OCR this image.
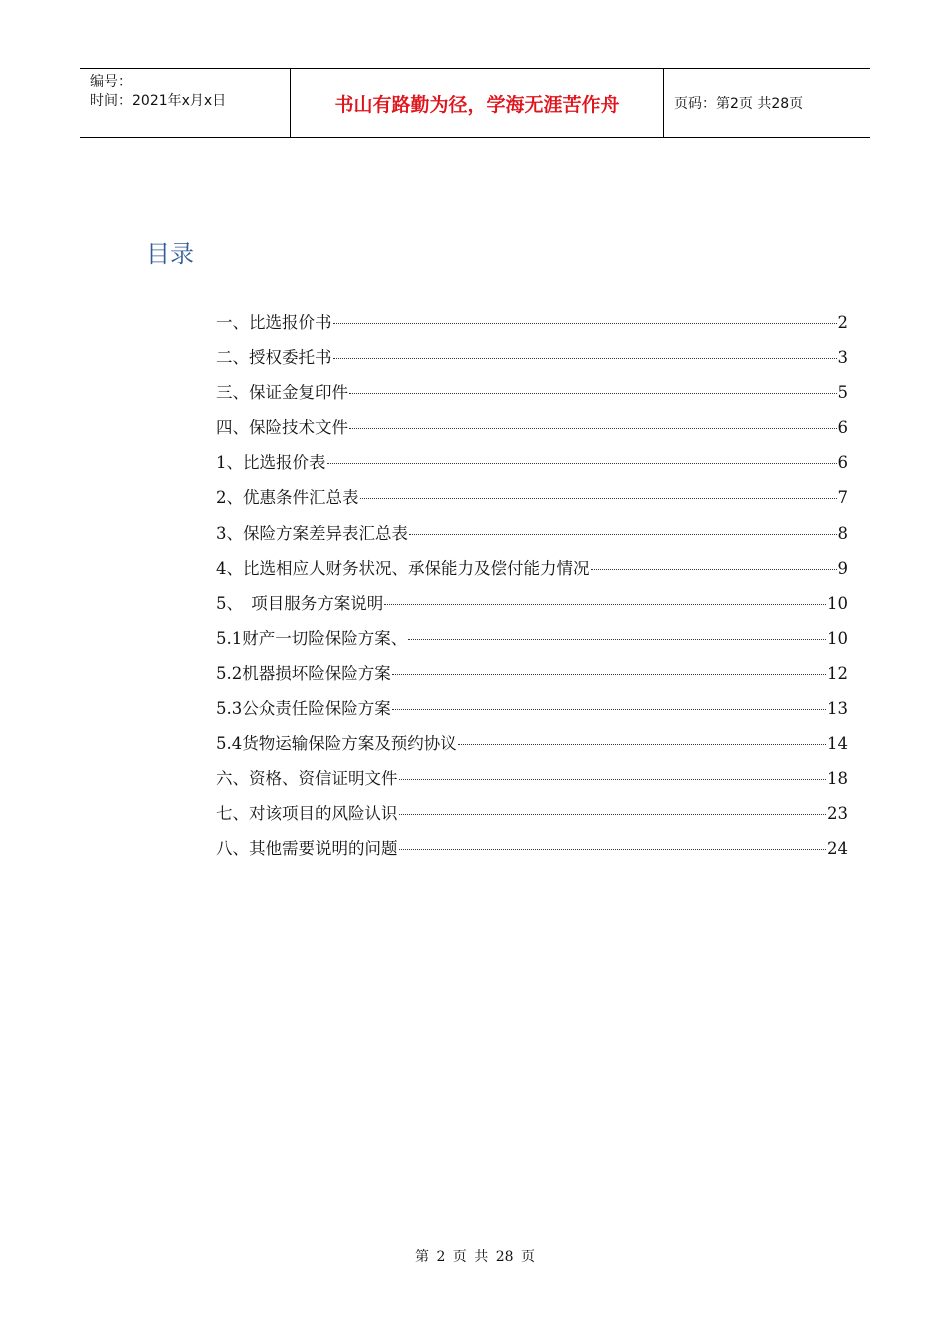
编号：
时间：2021年x月x日	书山有路勤为径，学海无涯苦作舟	页码：第2页 共28页
目录
一、比选报价书	2
二、授权委托书	3
三、保证金复印件	5
四、保险技术文件	6
1、比选报价表	6
2、优惠条件汇总表	7
3、保险方案差异表汇总表	8
4、比选相应人财务状况、承保能力及偿付能力情况	9
5、　项目服务方案说明	10
5.1财产一切险保险方案、	10
5.2机器损坏险保险方案	12
5.3公众责任险保险方案	13
5.4货物运输保险方案及预约协议	14
六、资格、资信证明文件	18
七、对该项目的风险认识	23
八、其他需要说明的问题	24
第 2 页 共 28 页
